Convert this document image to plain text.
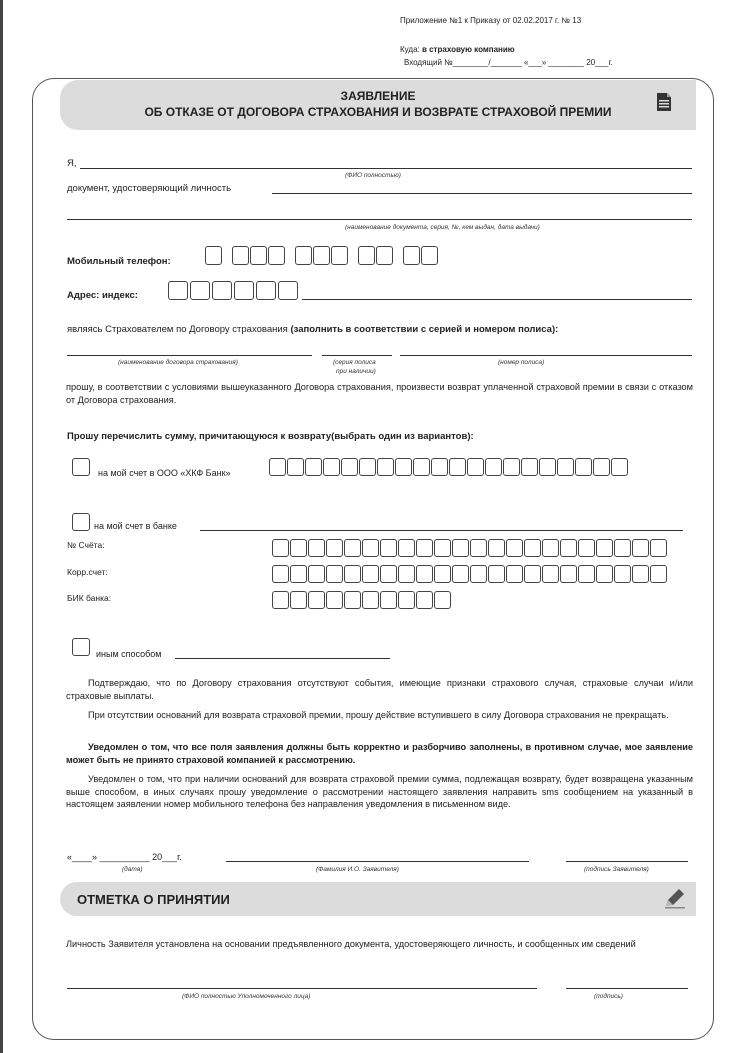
Приложение №1 к Приказу от 02.02.2017 г. № 13
Куда: в страховую компанию
Входящий №________/_______ «___» ________ 20___г.
ЗАЯВЛЕНИЕ
ОБ ОТКАЗЕ ОТ ДОГОВОРА СТРАХОВАНИЯ И ВОЗВРАТЕ СТРАХОВОЙ ПРЕМИИ
Я,
(ФИО полностью)
документ, удостоверяющий личность
(наименование документа, серия, №, кем выдан, дата выдачи)
Мобильный телефон:
Адрес: индекс:
являясь Страхователем по Договору страхования (заполнить в соответствии с серией и номером полиса):
(наименование договора страхования)	(серия полиса
при наличии)
(номер полиса)
прошу, в соответствии с условиями вышеуказанного Договора страхования, произвести возврат уплаченной страховой премии в связи с отказом от Договора страхования.
Прошу перечислить сумму, причитающуюся к возврату(выбрать один из вариантов):
на мой счет в ООО «ХКФ Банк»
на мой счет в банке
№ Счёта:
Корр.счет:
БИК банка:
иным способом
Подтверждаю, что по Договору страхования отсутствуют события, имеющие признаки страхового случая, страховые случаи и/или страховые выплаты.
При отсутствии оснований для возврата страховой премии, прошу действие вступившего в силу Договора страхования не прекращать.
Уведомлен о том, что все поля заявления должны быть корректно и разборчиво заполнены, в противном случае, мое заявление может быть не принято страховой компанией к рассмотрению.
Уведомлен о том, что при наличии оснований для возврата страховой премии сумма, подлежащая возврату, будет возвращена указанным выше способом, в иных случаях прошу уведомление о рассмотрении настоящего заявления направить sms сообщением на указанный в настоящем заявлении номер мобильного телефона без направления уведомления в письменном виде.
«____» __________ 20___г.
(дата)	(Фамилия И.О. Заявителя)	(подпись Заявителя)
ОТМЕТКА О ПРИНЯТИИ
Личность Заявителя установлена на основании предъявленного документа, удостоверяющего личность, и сообщенных им сведений
(ФИО полностью Уполномоченного лица)	(подпись)
